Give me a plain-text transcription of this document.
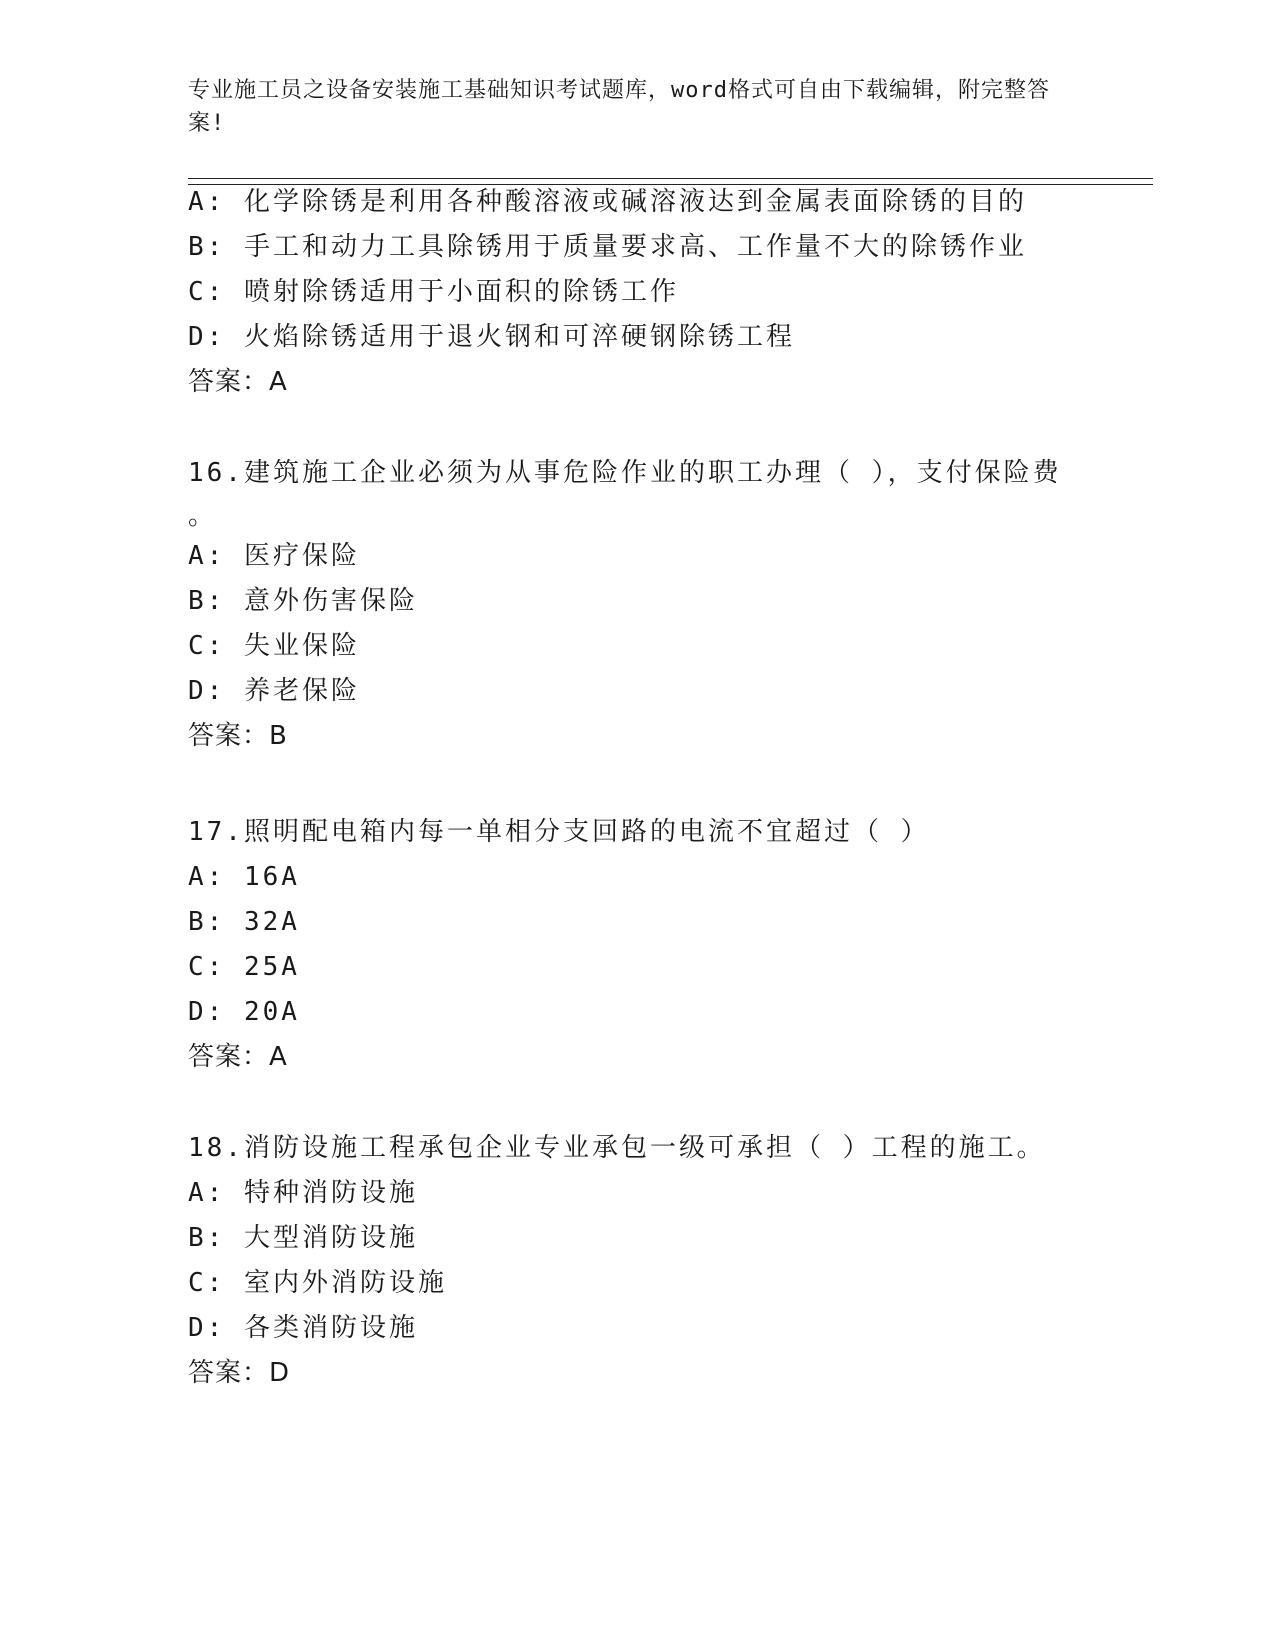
专业施工员之设备安装施工基础知识考试题库，word格式可自由下载编辑，附完整答案!
A: 化学除锈是利用各种酸溶液或碱溶液达到金属表面除锈的目的
B: 手工和动力工具除锈用于质量要求高、工作量不大的除锈作业
C: 喷射除锈适用于小面积的除锈工作
D: 火焰除锈适用于退火钢和可淬硬钢除锈工程
答案：A
16.建筑施工企业必须为从事危险作业的职工办理（ ），支付保险费
。
A: 医疗保险
B: 意外伤害保险
C: 失业保险
D: 养老保险
答案：B
17.照明配电箱内每一单相分支回路的电流不宜超过（ ）
A: 16A
B: 32A
C: 25A
D: 20A
答案：A
18.消防设施工程承包企业专业承包一级可承担（ ）工程的施工。
A: 特种消防设施
B: 大型消防设施
C: 室内外消防设施
D: 各类消防设施
答案：D
